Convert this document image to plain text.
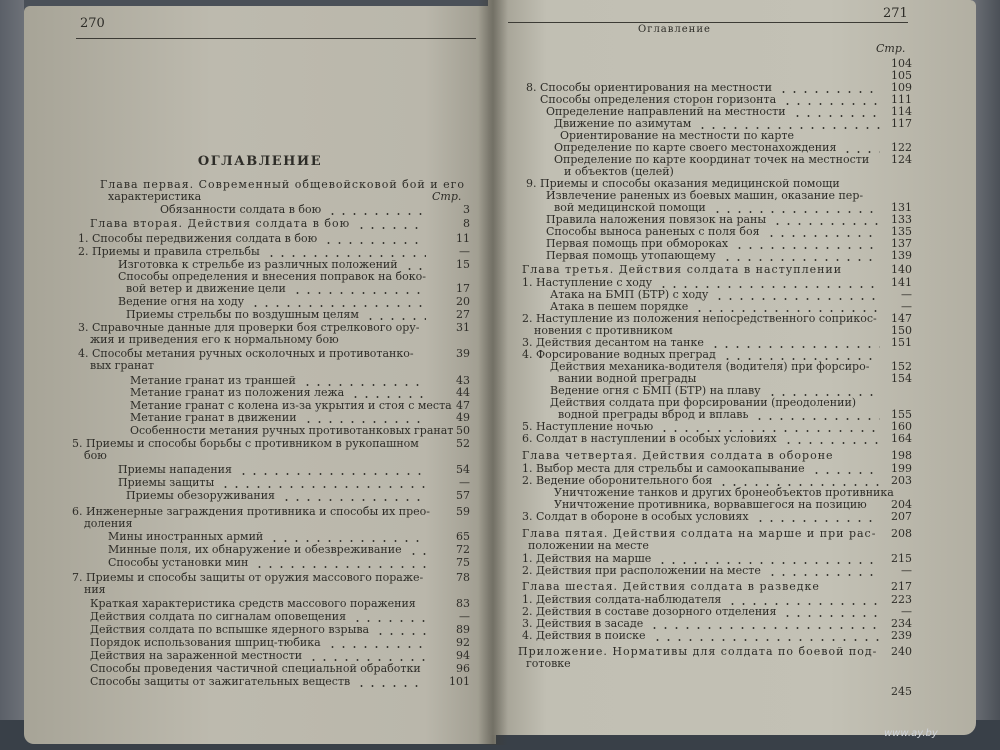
270
ОГЛАВЛЕНИЕ
Стр.
Глава первая. Современный общевойсковой бой и его
характеристика
Обязанности солдата в бою	3
Глава вторая. Действия солдата в бою	8
1. Способы передвижения солдата в бою	11
2. Приемы и правила стрельбы	—
Изготовка к стрельбе из различных положений	15
Способы определения и внесения поправок на боко-
вой ветер и движение цели	17
Ведение огня на ходу	20
Приемы стрельбы по воздушным целям	27
3. Справочные данные для проверки боя стрелкового ору-	31
жия и приведения его к нормальному бою
4. Способы метания ручных осколочных и противотанко-	39
вых гранат
Метание гранат из траншей	43
Метание гранат из положения лежа	44
Метание гранат с колена из-за укрытия и стоя с места 47
Метание гранат в движении	49
Особенности метания ручных противотанковых гранат 50
5. Приемы и способы борьбы с противником в рукопашном	52
бою
Приемы нападения	54
Приемы защиты	—
Приемы обезоруживания	57
6. Инженерные заграждения противника и способы их прео- 59
доления
Мины иностранных армий	65
Минные поля, их обнаружение и обезвреживание	72
Способы установки мин	75
7. Приемы и способы защиты от оружия массового пораже-	78
ния
Краткая характеристика средств массового поражения	83
Действия солдата по сигналам оповещения	—
Действия солдата по вспышке ядерного взрыва	89
Порядок использования шприц-тюбика	92
Действия на зараженной местности	94
Способы проведения частичной специальной обработки	96
Способы защиты от зажигательных веществ	101
271
Оглавление
Стр.
104
105
8. Способы ориентирования на местности	109
Способы определения сторон горизонта	111
Определение направлений на местности	114
Движение по азимутам	117
Ориентирование на местности по карте
Определение по карте своего местонахождения	122
Определение по карте координат точек на местности 124
и объектов (целей)
9. Приемы и способы оказания медицинской помощи
Извлечение раненых из боевых машин, оказание пер-
вой медицинской помощи	131
Правила наложения повязок на раны	133
Способы выноса раненых с поля боя	135
Первая помощь при обмороках	137
Первая помощь утопающему	139
Глава третья. Действия солдата в наступлении	140
1. Наступление с ходу	141
Атака на БМП (БТР) с ходу	—
Атака в пешем порядке	—
2. Наступление из положения непосредственного соприкос- 147
новения с противником	150
3. Действия десантом на танке	151
4. Форсирование водных преград
Действия механика-водителя (водителя) при форсиро- 152
вании водной преграды	154
Ведение огня с БМП (БТР) на плаву
Действия солдата при форсировании (преодолении)
водной преграды вброд и вплавь	155
5. Наступление ночью	160
6. Солдат в наступлении в особых условиях	164
Глава четвертая. Действия солдата в обороне	198
1. Выбор места для стрельбы и самоокапывание	199
2. Ведение оборонительного боя	203
Уничтожение танков и других бронеобъектов противника
Уничтожение противника, ворвавшегося на позицию 204
3. Солдат в обороне в особых условиях	207
Глава пятая. Действия солдата на марше и при рас- 208
положении на месте
1. Действия на марше	215
2. Действия при расположении на месте	—
Глава шестая. Действия солдата в разведке	217
1. Действия солдата-наблюдателя	223
2. Действия в составе дозорного отделения	—
3. Действия в засаде	234
4. Действия в поиске	239
Приложение. Нормативы для солдата по боевой под- 240
готовке
245
www.ay.by
